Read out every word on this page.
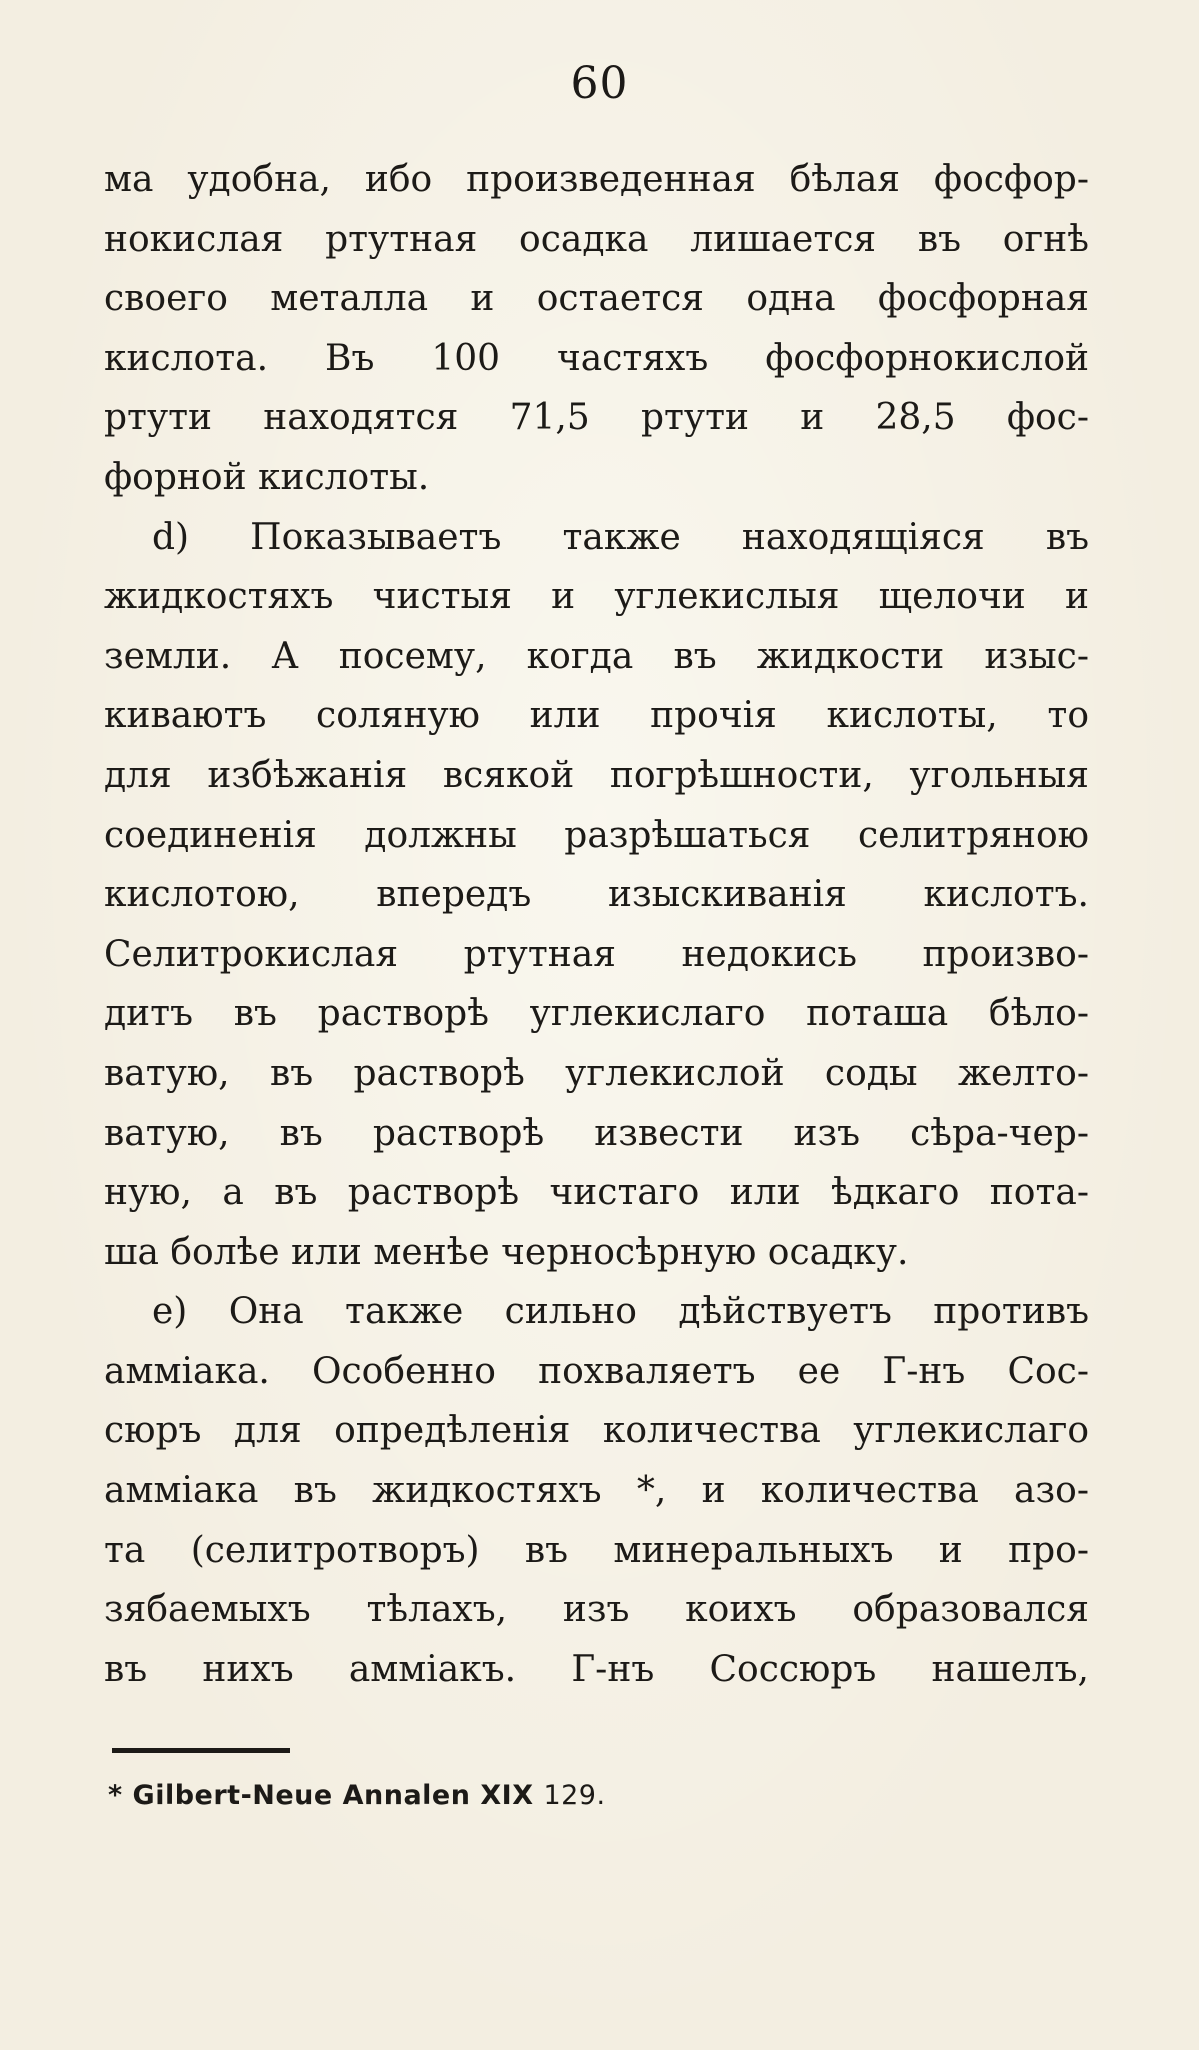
60
ма удобна, ибо произведенная бѣлая фосфор-
нокислая ртутная осадка лишается въ огнѣ
своего металла и остается одна фосфорная
кислота. Въ 100 частяхъ фосфорнокислой
ртути находятся 71,5 ртути и 28,5 фос-
форной кислоты.
d) Показываетъ также находящіяся въ
жидкостяхъ чистыя и углекислыя щелочи и
земли. А посему, когда въ жидкости изыс-
киваютъ соляную или прочія кислоты, то
для избѣжанія всякой погрѣшности, угольныя
соединенія должны разрѣшаться селитряною
кислотою, впередъ изыскиванія кислотъ.
Селитрокислая ртутная недокись произво-
дитъ въ растворѣ углекислаго поташа бѣло-
ватую, въ растворѣ углекислой соды желто-
ватую, въ растворѣ извести изъ сѣра-чер-
ную, а въ растворѣ чистаго или ѣдкаго пота-
ша болѣе или менѣе черносѣрную осадку.
e) Она также сильно дѣйствуетъ противъ
аммiака. Особенно похваляетъ ее Г-нъ Сос-
сюръ для опредѣленія количества углекислаго
аммiака въ жидкостяхъ *, и количества азо-
та (селитротворъ) въ минеральныхъ и про-
зябаемыхъ тѣлахъ, изъ коихъ образовался
въ нихъ аммiакъ. Г-нъ Соссюръ нашелъ,
* Gilbert-Neue Annalen XIX 129.
